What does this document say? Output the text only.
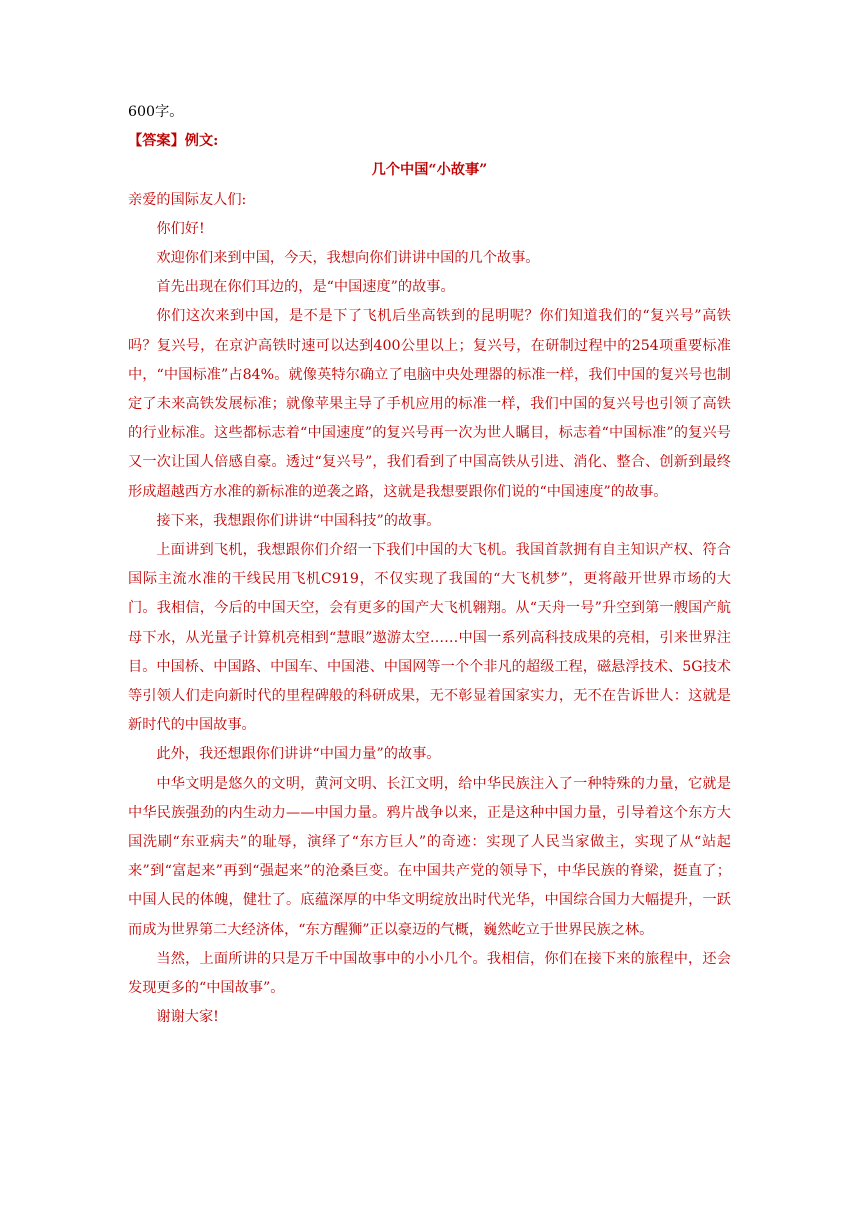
600字。

【答案】例文:

几个中国“小故事”

亲爱的国际友人们:

你们好!

欢迎你们来到中国，今天，我想向你们讲讲中国的几个故事。

首先出现在你们耳边的，是“中国速度”的故事。

你们这次来到中国，是不是下了飞机后坐高铁到的昆明呢？你们知道我们的“复兴号”高铁吗？复兴号，在京沪高铁时速可以达到400公里以上；复兴号，在研制过程中的254项重要标准中，“中国标准”占84%。就像英特尔确立了电脑中央处理器的标准一样，我们中国的复兴号也制定了未来高铁发展标准；就像苹果主导了手机应用的标准一样，我们中国的复兴号也引领了高铁的行业标准。这些都标志着“中国速度”的复兴号再一次为世人瞩目，标志着“中国标准”的复兴号又一次让国人倍感自豪。透过“复兴号”，我们看到了中国高铁从引进、消化、整合、创新到最终形成超越西方水准的新标准的逆袭之路，这就是我想要跟你们说的“中国速度”的故事。

接下来，我想跟你们讲讲“中国科技”的故事。

上面讲到飞机，我想跟你们介绍一下我们中国的大飞机。我国首款拥有自主知识产权、符合国际主流水准的干线民用飞机C919，不仅实现了我国的“大飞机梦”，更将敲开世界市场的大门。我相信，今后的中国天空，会有更多的国产大飞机翱翔。从“天舟一号”升空到第一艘国产航母下水，从光量子计算机亮相到“慧眼”遨游太空……中国一系列高科技成果的亮相，引来世界注目。中国桥、中国路、中国车、中国港、中国网等一个个非凡的超级工程，磁悬浮技术、5G技术等引领人们走向新时代的里程碑般的科研成果，无不彰显着国家实力，无不在告诉世人：这就是新时代的中国故事。

此外，我还想跟你们讲讲“中国力量”的故事。

中华文明是悠久的文明，黄河文明、长江文明，给中华民族注入了一种特殊的力量，它就是中华民族强劲的内生动力——中国力量。鸦片战争以来，正是这种中国力量，引导着这个东方大国洗刷“东亚病夫”的耻辱，演绎了“东方巨人”的奇迹：实现了人民当家做主，实现了从“站起来”到“富起来”再到“强起来”的沧桑巨变。在中国共产党的领导下，中华民族的脊梁，挺直了；中国人民的体魄，健壮了。底蕴深厚的中华文明绽放出时代光华，中国综合国力大幅提升，一跃而成为世界第二大经济体，“东方醒狮”正以豪迈的气概，巍然屹立于世界民族之林。

当然，上面所讲的只是万千中国故事中的小小几个。我相信，你们在接下来的旅程中，还会发现更多的“中国故事”。

谢谢大家!
